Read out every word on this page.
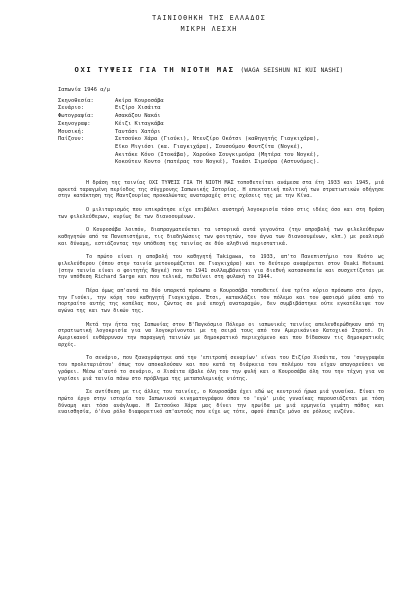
ΤΑΙΝΙΟΘΗΚΗ ΤΗΣ ΕΛΛΑΔΟΣ
ΜΙΚΡΗ ΛΕΣΧΗ
ΟΧΙ ΤΥΨΕΙΣ ΓΙΑ ΤΗ ΝΙΟΤΗ ΜΑΣ (WAGA SEISHUN NI KUI NASHI)
Ιαπωνία 1946 α/μ
Σκηνοθεσία:	Ακίρα Κουροσάβα
Σενάριο:	Ειζίρο Χισάιτα
Φωτογραφία:	Ασακάζου Νακάι
Σκηνογραφ:	Κέιζι Κιταγκάβα
Μουσική:	Ταντάσι Χατόρι
Παίζουν:	Σετσούκο Χάρα (Γιούκι), Ντενζίρο Οκότσι (καθηγητής Γιαγκιχάρα),
Εϊκο Μιγιόσι (κα. Γιαγκιχάρα), Σουσούμου Φουτζίτα (Νογκέ),
Ακιτάκε Κόνο (Ιτοκάβα), Χαρούκο Σουγκιμούρα (Μητέρα του Νογκέ),
Κοκούτεν Κοντο (πατέρας του Νογκέ), Τακάσι Σιμούρα (Αστυνόμος).

Η δράση της ταινίας ΟΧΙ ΤΥΨΕΙΣ ΓΙΑ ΤΗ ΝΙΟΤΗ ΜΑΣ τοποθετείται ανάμεσα στα έτη 1933 και 1945, μιά αρκετά ταραγμένη περίοδος της σύγχρονης Ιαπωνικής Ιστορίας. Η επεκτατική πολιτική των στρατιωτικών οδήγησε στην κατάκτηση της Μαντζουρίας προκαλώντας αναταραχές στις σχέσεις της με την Κίνα.

Ο μιλιταρισμός που επικράτησε είχε επιβάλει αυστηρή λογοκρισία τόσο στις ιδέες όσο και στη δράση των φιλελεύθερων, κυρίως δε των διανοουμένων.

Ο Κουροσάβα λοιπόν, διαπραγματεύεται τα ιστορικά αυτά γεγονότα (την απροβολή των φιλελεύθερων καθηγητών από τα Πανεπιστήμια, τις διαδηλώσεις των φοιτητών, τον άγνα των διανοουμένων, κλπ.) με ρεαλισμό και δύναμη, εστιάζοντας την υπόθεση της ταινίας σε δύο αληθινά περιστατικά.

Το πρώτο είναι η αποβολή του καθηγητή Takigawa, το 1933, απ'το Πανεπιστήμιο του Κυότο ως φιλελεύθερου (όπου στην ταινία μετονομάζεται σε Γιαγκιχάρα) και το δεύτερο αναφέρεται στον Osaki Hotsumi (στην ταινία είναι ο φοιτητής Νογκέ) που το 1941 συλλαμβάνεται για διεθνή κατασκοπεία και συσχετίζεται με την υπόθεση Richard Sarge και που τελικά, πεθαίνει στη φυλακή το 1944.

Πέρα όμως απ'αυτά τα δύο υπαρκτά πρόσωπα ο Κουροσάβα τοποθετεί ένα τρίτο κύριο πρόσωπο στο έργο, την Γιούκι, την κόρη του καθηγητή Γιαγκιχάρα. Έτσι, κατακλάζει τον πόλεμο και τον φασισμό μέσα από το πορτραίτο αυτής της κοπέλας που, ζώντας σε μιά εποχή αναταραχών, δεν συμβιβάστηκε ούτε εγκατέλειψε τον αγώνα της και των δικών της.

Μετά την ήττα της Ιαπωνίας στον Β'Παγκόσμιο Πόλεμο οι ιαπωνικές ταινίες απελευθερώθηκαν από τη στρατιωτική λογοκρισία για να λογοκρίνονται με τη σειρά τους από τον Αμερικάνικο Κατοχικό Στρατό. Οι Αμερικανοί ενθάρρυναν την παραγωγή ταινιών με δημοκρατικό περιεχόμενο και που δίδασκαν τις δημοκρατικές αρχές.

Το σενάριο, που ξαναγράφτηκε από την 'επιτροπή σεναρίων' είναι του Ειζίρο Χισάιτα, του 'συγγραφέα του προλεταριάτου' όπως τον αποκαλούσαν και που κατά τη διάρκεια του πολέμου του είχαν απαγορεύσει να γράφει. Μέσω α'αυτό το σενάριο, ο Χισάιτα έβαλε όλη του την φυλή και ο Κουροσάβα όλη του την τέχνη για να γυρίσει μιά ταινία πάνω στο πρόβλημα της μεταπολεμικής νιότης.

Σε αντίθεση με τις άλλες του ταινίες, ο Κουροσάβα έχει εδώ ως κεντρικό ήρωα μιά γυναίκα. Είναι το πρώτο έργο στην ιστορία του Ιαπωνικού κινηματογράφου όπου το 'εγώ' μιάς γυναίκας παρουσιάζεται με τόση δύναμη και τόσο ανάγλυφα. Η Σετσούκο Χάρα μας δίνει την ηρωίδα με μιά ερμηνεία γεμάτη πάθος και ευαισθησία, ό'ένα ρόλο διαφορετικό απ'αυτούς που είχε ως τότε, αφού έπαιζε μόνο σε ρόλους ενζένυ.
